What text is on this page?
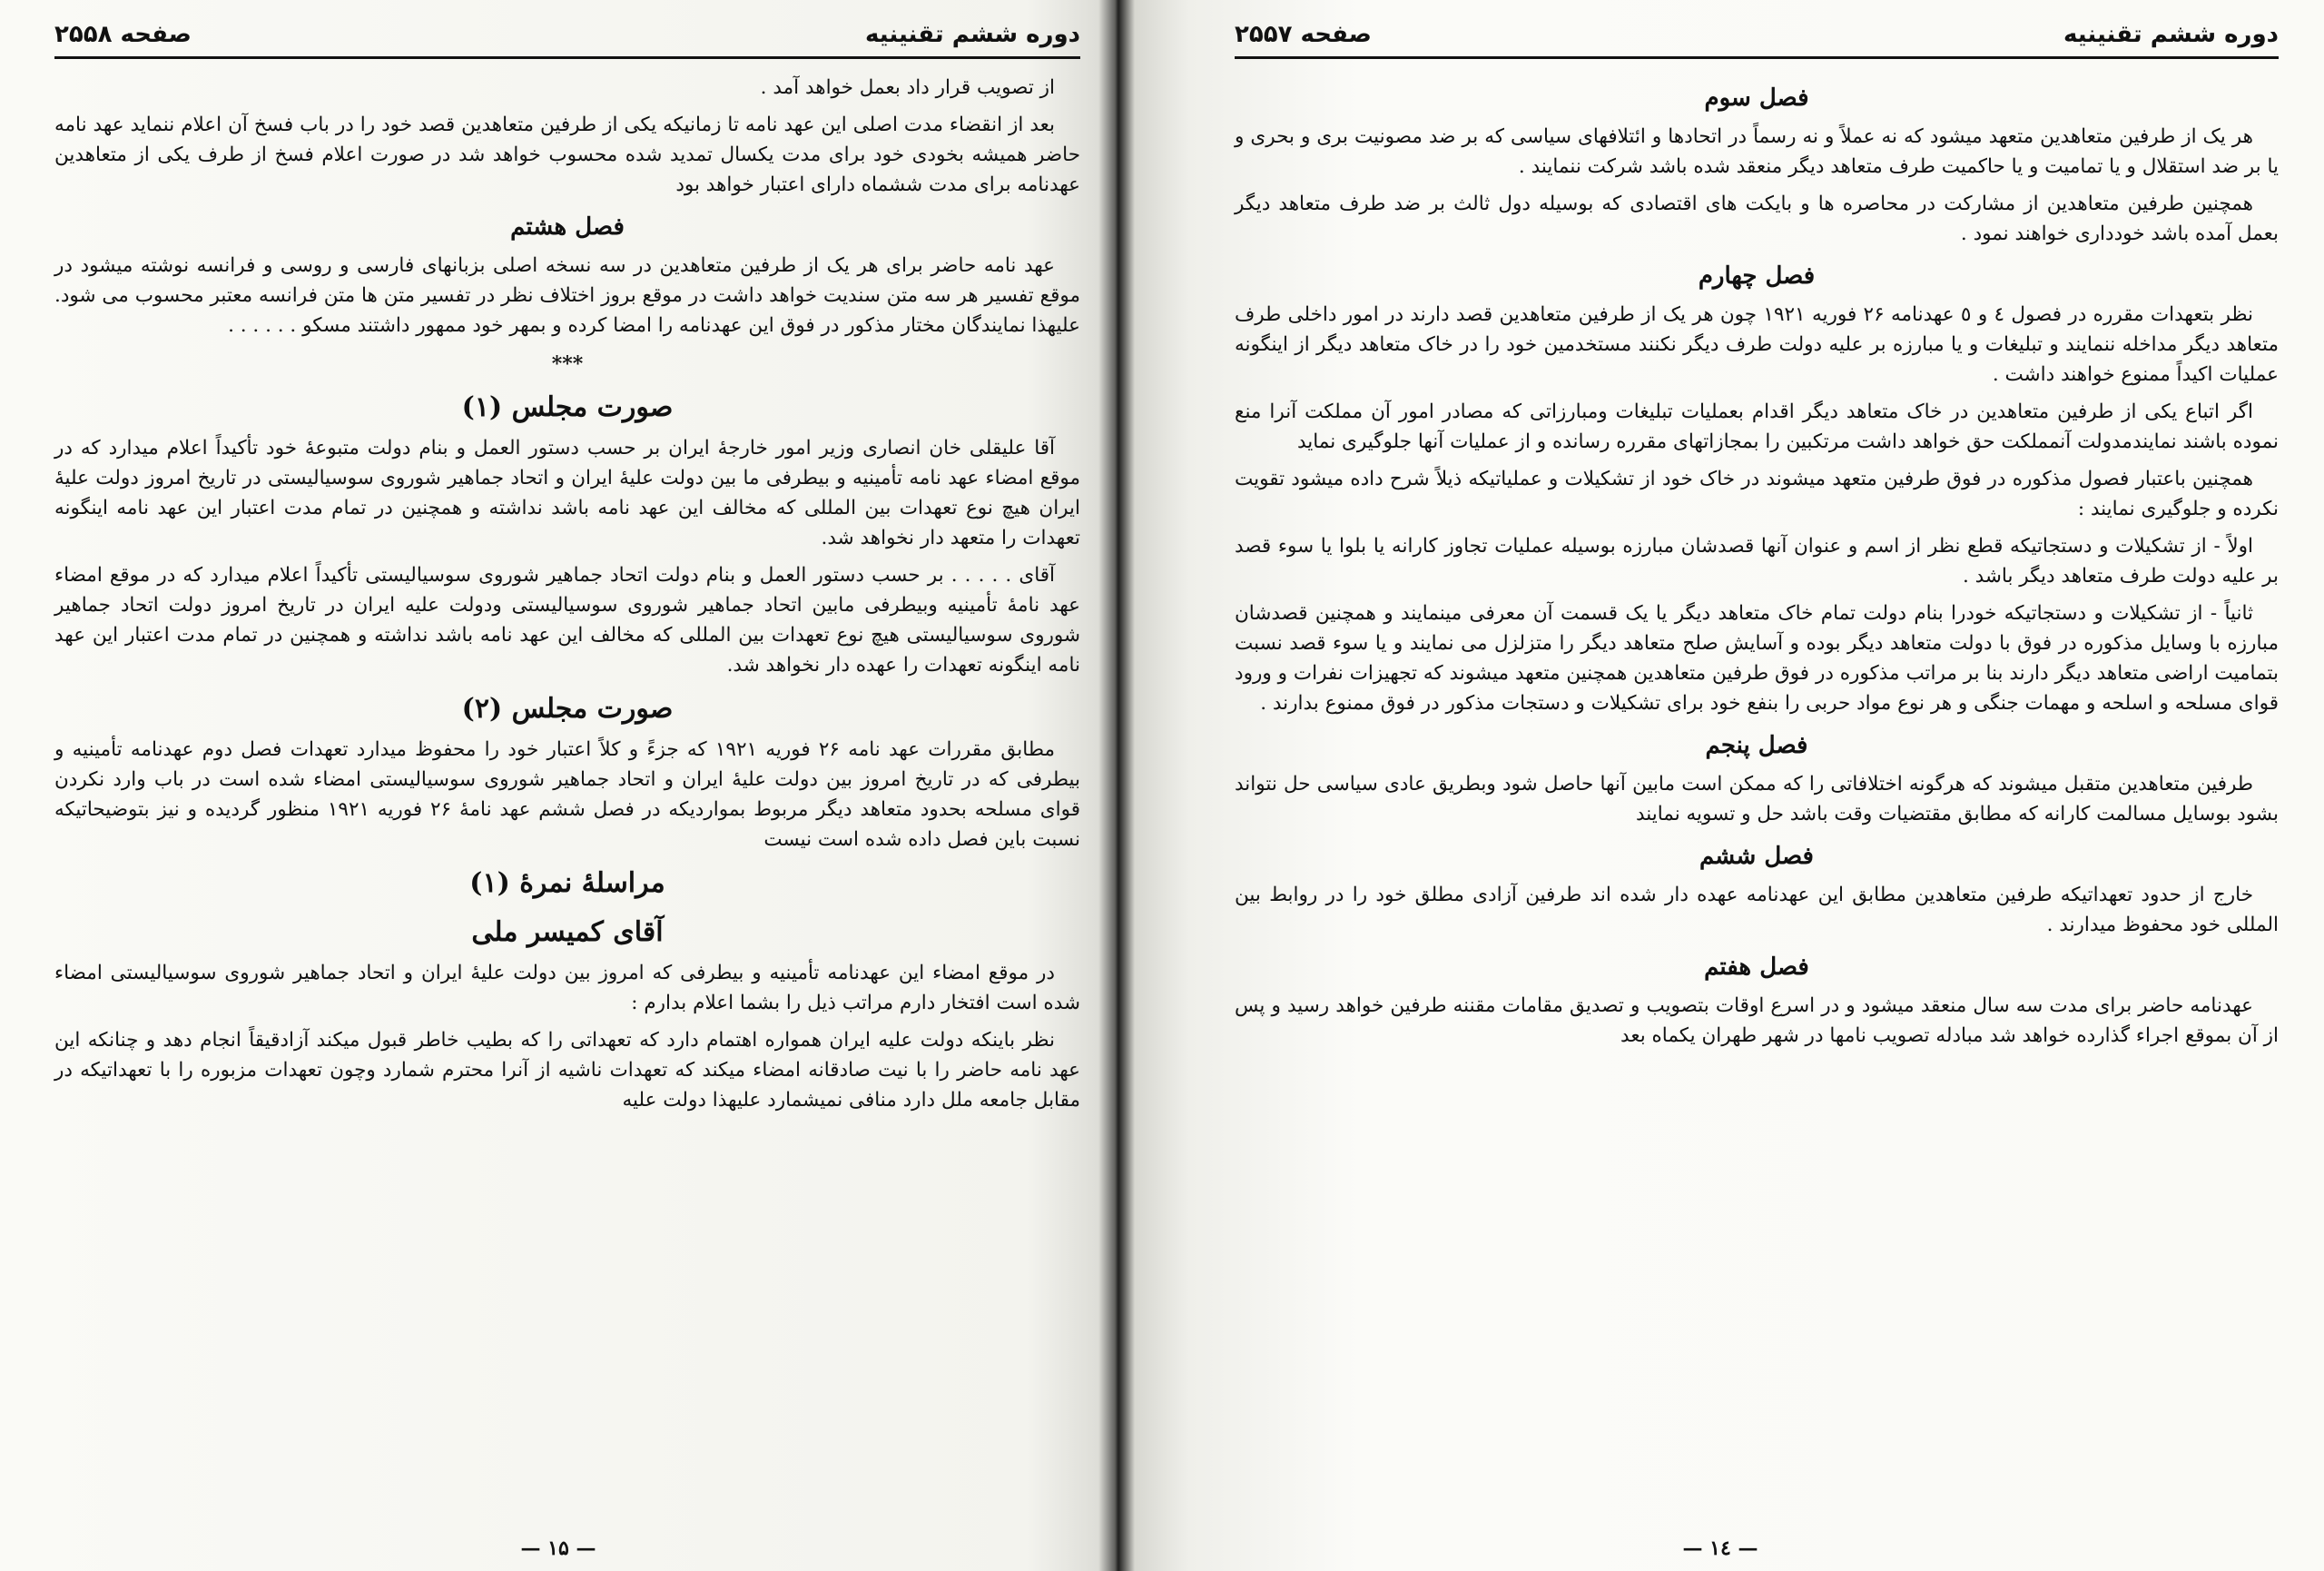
صفحه ۲۵۵۸	دوره ششم تقنینیه
از تصویب قرار داد بعمل خواهد آمد .
بعد از انقضاء مدت اصلی این عهد نامه تا زمانیکه یکی از طرفین متعاهدین قصد خود را در باب فسخ آن اعلام ننماید عهد نامه حاضر همیشه بخودی خود برای مدت یکسال تمدید شده محسوب خواهد شد در صورت اعلام فسخ از طرف یکی از متعاهدین عهدنامه برای مدت ششماه دارای اعتبار خواهد بود
فصل هشتم
عهد نامه حاضر برای هر یک از طرفین متعاهدین در سه نسخه اصلی بزبانهای فارسی و روسی و فرانسه نوشته میشود در موقع تفسیر هر سه متن سندیت خواهد داشت در موقع بروز اختلاف نظر در تفسیر متن ها متن فرانسه معتبر محسوب می شود. علیهذا نمایندگان مختار مذکور در فوق این عهدنامه را امضا کرده و بمهر خود ممهور داشتند مسکو . . . . . .
***
صورت مجلس (۱)
آقا علیقلی خان انصاری وزیر امور خارجهٔ ایران بر حسب دستور العمل و بنام دولت متبوعهٔ خود تأکیداً اعلام میدارد که در موقع امضاء عهد نامه تأمینیه و بیطرفی ما بین دولت علیهٔ ایران و اتحاد جماهیر شوروی سوسیالیستی در تاریخ امروز دولت علیهٔ ایران هیچ نوع تعهدات بین المللی که مخالف این عهد نامه باشد نداشته و همچنین در تمام مدت اعتبار این عهد نامه اینگونه تعهدات را متعهد دار نخواهد شد.
آقای . . . . . بر حسب دستور العمل و بنام دولت اتحاد جماهیر شوروی سوسیالیستی تأکیداً اعلام میدارد که در موقع امضاء عهد نامهٔ تأمینیه وبیطرفی مابین اتحاد جماهیر شوروی سوسیالیستی ودولت علیه ایران در تاریخ امروز دولت اتحاد جماهیر شوروی سوسیالیستی هیچ نوع تعهدات بین المللی که مخالف این عهد نامه باشد نداشته و همچنین در تمام مدت اعتبار این عهد نامه اینگونه تعهدات را عهده دار نخواهد شد.
صورت مجلس (۲)
مطابق مقررات عهد نامه ۲۶ فوریه ۱۹۲۱ که جزءً و کلاً اعتبار خود را محفوظ میدارد تعهدات فصل دوم عهدنامه تأمینیه و بیطرفی که در تاریخ امروز بین دولت علیهٔ ایران و اتحاد جماهیر شوروی سوسیالیستی امضاء شده است در باب وارد نکردن قوای مسلحه بحدود متعاهد دیگر مربوط بمواردیکه در فصل ششم عهد نامهٔ ۲۶ فوریه ۱۹۲۱ منظور گردیده و نیز بتوضیحاتیکه نسبت باین فصل داده شده است نیست
مراسلهٔ نمرهٔ (۱)
آقای کمیسر ملی
در موقع امضاء این عهدنامه تأمینیه و بیطرفی که امروز بین دولت علیهٔ ایران و اتحاد جماهیر شوروی سوسیالیستی امضاء شده است افتخار دارم مراتب ذیل را بشما اعلام بدارم :
نظر باینکه دولت علیه ایران همواره اهتمام دارد که تعهداتی را که بطیب خاطر قبول میکند آزادقیقاً انجام دهد و چنانکه این عهد نامه حاضر را با نیت صادقانه امضاء میکند که تعهدات ناشیه از آنرا محترم شمارد وچون تعهدات مزبوره را با تعهداتیکه در مقابل جامعه ملل دارد منافی نمیشمارد علیهذا دولت علیه
— ۱۵ —
صفحه ۲۵۵۷	دوره ششم تقنینیه
فصل سوم
هر یک از طرفین متعاهدین متعهد میشود که نه عملاً و نه رسماً در اتحادها و ائتلافهای سیاسی که بر ضد مصونیت بری و بحری و یا بر ضد استقلال و یا تمامیت و یا حاکمیت طرف متعاهد دیگر منعقد شده باشد شرکت ننمایند .
همچنین طرفین متعاهدین از مشارکت در محاصره ها و بایکت های اقتصادی که بوسیله دول ثالث بر ضد طرف متعاهد دیگر بعمل آمده باشد خودداری خواهند نمود .
فصل چهارم
نظر بتعهدات مقرره در فصول ٤ و ٥ عهدنامه ۲۶ فوریه ۱۹۲۱ چون هر یک از طرفین متعاهدین قصد دارند در امور داخلی طرف متعاهد دیگر مداخله ننمایند و تبلیغات و یا مبارزه بر علیه دولت طرف دیگر نکنند مستخدمین خود را در خاک متعاهد دیگر از اینگونه عملیات اکیداً ممنوع خواهند داشت .
اگر اتباع یکی از طرفین متعاهدین در خاک متعاهد دیگر اقدام بعملیات تبلیغات ومبارزاتی که مصادر امور آن مملکت آنرا منع نموده باشند نمایندمدولت آنمملکت حق خواهد داشت مرتکبین را بمجازاتهای مقرره رسانده و از عملیات آنها جلوگیری نماید
همچنین باعتبار فصول مذکوره در فوق طرفین متعهد میشوند در خاک خود از تشکیلات و عملیاتیکه ذیلاً شرح داده میشود تقویت نکرده و جلوگیری نمایند :
اولاً - از تشکیلات و دستجاتیکه قطع نظر از اسم و عنوان آنها قصدشان مبارزه بوسیله عملیات تجاوز کارانه یا بلوا یا سوء قصد بر علیه دولت طرف متعاهد دیگر باشد .
ثانیاً - از تشکیلات و دستجاتیکه خودرا بنام دولت تمام خاک متعاهد دیگر یا یک قسمت آن معرفی مینمایند و همچنین قصدشان مبارزه با وسایل مذکوره در فوق با دولت متعاهد دیگر بوده و آسایش صلح متعاهد دیگر را متزلزل می نمایند و یا سوء قصد نسبت بتمامیت اراضی متعاهد دیگر دارند بنا بر مراتب مذکوره در فوق طرفین متعاهدین همچنین متعهد میشوند که تجهیزات نفرات و ورود قوای مسلحه و اسلحه و مهمات جنگی و هر نوع مواد حربی را بنفع خود برای تشکیلات و دستجات مذکور در فوق ممنوع بدارند .
فصل پنجم
طرفین متعاهدین متقبل میشوند که هرگونه اختلافاتی را که ممکن است مابین آنها حاصل شود وبطریق عادی سیاسی حل نتواند بشود بوسایل مسالمت کارانه که مطابق مقتضیات وقت باشد حل و تسویه نمایند
فصل ششم
خارج از حدود تعهداتیکه طرفین متعاهدین مطابق این عهدنامه عهده دار شده اند طرفین آزادی مطلق خود را در روابط بین المللی خود محفوظ میدارند .
فصل هفتم
عهدنامه حاضر برای مدت سه سال منعقد میشود و در اسرع اوقات بتصویب و تصدیق مقامات مقننه طرفین خواهد رسید و پس از آن بموقع اجراء گذارده خواهد شد مبادله تصویب نامها در شهر طهران یکماه بعد
— ١٤ —
